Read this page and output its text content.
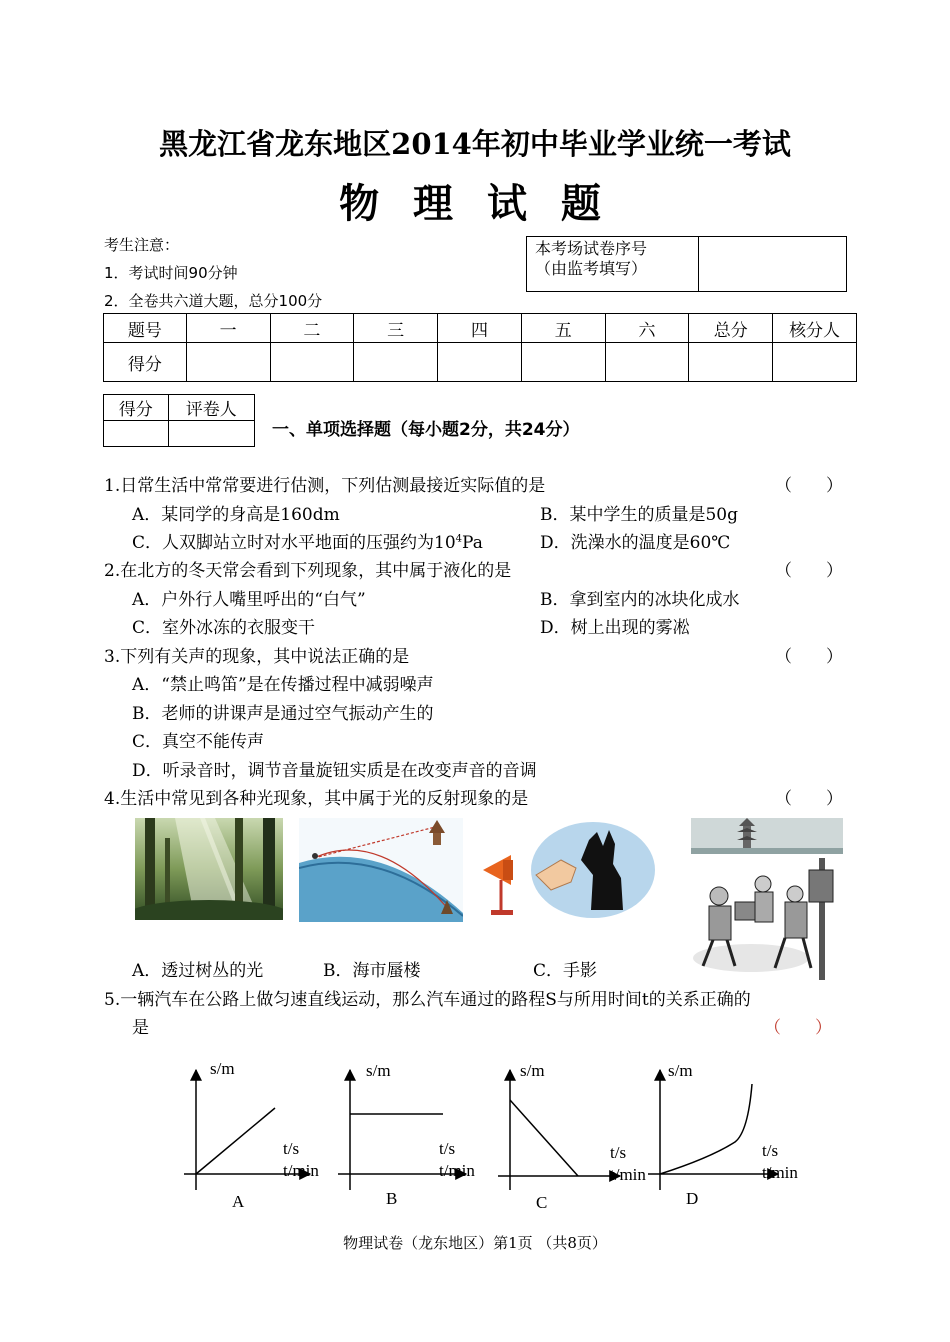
黑龙江省龙东地区2014年初中毕业学业统一考试
物 理 试 题
考生注意：
1．考试时间90分钟
2．全卷共六道大题，总分100分
本考场试卷序号
（由监考填写）

题号	一	二	三	四	五	六	总分	核分人
得分								
得分	评卷人

一、单项选择题（每小题2分，共24分）
1.日常生活中常常要进行估测，下列估测最接近实际值的是	（　　）
A．某同学的身高是160dm	B．某中学生的质量是50g
C．人双脚站立时对水平地面的压强约为$10^4Pa$	D．洗澡水的温度是60℃
2.在北方的冬天常会看到下列现象，其中属于液化的是	（　　）
A．户外行人嘴里呼出的“白气”	B．拿到室内的冰块化成水
C．室外冰冻的衣服变干	D．树上出现的雾凇
3.下列有关声的现象，其中说法正确的是	（　　）
A．“禁止鸣笛”是在传播过程中减弱噪声
B．老师的讲课声是通过空气振动产生的
C．真空不能传声
D．听录音时，调节音量旋钮实质是在改变声音的音调
4.生活中常见到各种光现象，其中属于光的反射现象的是	（　　）
A．透过树丛的光	B．海市蜃楼	C．手影
5.一辆汽车在公路上做匀速直线运动，那么汽车通过的路程S与所用时间t的关系正确的
是	（　　）
s/m
t/s
t/min
A
s/m
t/s
t/min
B
s/m
t/s
t/min
C
s/m
t/s
t/min
D
物理试卷（龙东地区）第1页 （共8页）
